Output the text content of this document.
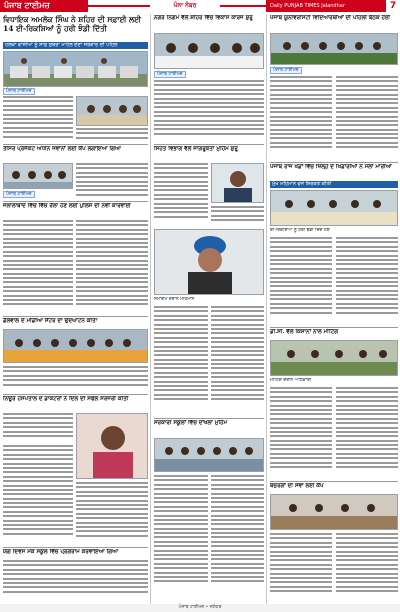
ਪੰਜਾਬ ਟਾਈਮਜ਼	ਪੰਨਾ ਨੰਬਰ	Daily PUNJAB TIMES Jalandhar	7
ਵਿਧਾਇਕ ਅਮਲੋਕ ਸਿੰਘ ਨੇ ਸ਼ਹਿਰ ਦੀ ਸਫ਼ਾਈ ਲਈ 14 ਈ-ਰਿਕਸ਼ਿਆਂ ਨੂੰ ਹਰੀ ਝੰਡੀ ਦਿੱਤੀ
ਹਲਕਾ ਵਾਸੀਆਂ ਨੂੰ ਸਾਫ਼ ਸੁਥਰਾ ਮਾਹੌਲ ਦੇਣਾ ਸਰਕਾਰ ਦੀ ਪਹਿਲ
ਪੰਜਾਬ ਟਾਈਮਜ਼
ਤੀਸਰੇ ਪ੍ਰੋਜੈਕਟ ਅਧੀਨ ਜਵਾਨਾਂ ਲਈ ਕੈਂਪ ਲਗਾਇਆ ਗਿਆ
ਪੰਜਾਬ ਟਾਈਮਜ਼
ਜਲਾਲਾਬਾਦ ਵਿੱਚ ਵਿੱਚ ਰੌਲਾ ਹੋਣ ਲਈ ਪੁਲਿਸ ਦੀ ਨਵੀਂ ਕਾਰਵਾਈ
ਡੱਲੋਵਾਲ ਦੇ ਮੀਡੀਆ ਸੈਂਟਰ ਦਾ ਉਦਘਾਟਨ ਕੀਤਾ
ਨਿਊਰੋ ਹਸਪਤਾਲ ਦੇ ਡਾਕਟਰਾਂ ਨੇ ਦਿਲ ਦੀ ਸਫਲ ਸਰਜਰੀ ਕੀਤੀ
ਯੋਗ ਦਿਵਸ ਮੌਕੇ ਸਕੂਲ ਵਿੱਚ ਪ੍ਰੋਗਰਾਮ ਕਰਵਾਇਆ ਗਿਆ
ਨਗਰ ਨਿਗਮ ਵੱਲੋਂ ਸ਼ਹਿਰ ਵਿੱਚ ਵਿਕਾਸ ਕਾਰਜ ਸ਼ੁਰੂ
ਪੰਜਾਬ ਟਾਈਮਜ਼
ਸਿਹਤ ਵਿਭਾਗ ਵੱਲੋਂ ਜਾਗਰੂਕਤਾ ਮੁਹਿੰਮ ਸ਼ੁਰੂ
ਸਮਾਗਮ ਦੌਰਾਨ ਮਹਿਮਾਨ
ਸਰਕਾਰੀ ਸਕੂਲਾਂ ਵਿੱਚ ਦਾਖਲਾ ਮੁਹਿੰਮ
ਪੰਜਾਬ ਯੂਨੀਵਰਸਿਟੀ ਵਿਦਿਆਰਥੀਆਂ ਦੀ ਪਹਿਲੀ ਬੈਠਕ ਹੋਈ
ਪੰਜਾਬ ਟਾਈਮਜ਼
ਪੰਜਾਬ ਰਾਜ ਖੇਡਾਂ ਵਿੱਚ ਜ਼ਿਲ੍ਹੇ ਦੇ ਖਿਡਾਰੀਆਂ ਨੇ ਮੱਲਾਂ ਮਾਰੀਆਂ
ਮੁੱਖ ਮਹਿਮਾਨ ਵਜੋਂ ਸ਼ਿਰਕਤ ਕੀਤੀ
ਈ-ਰਿਕਸ਼ਿਆਂ ਨੂੰ ਹਰੀ ਝੰਡੀ ਦਿੰਦੇ ਹੋਏ
ਡੀ.ਸੀ. ਵੱਲੋਂ ਕਿਸਾਨਾਂ ਨਾਲ ਮੀਟਿੰਗ
ਮੀਟਿੰਗ ਦੌਰਾਨ ਅਧਿਕਾਰੀ
ਬਜ਼ੁਰਗਾਂ ਦੀ ਸੇਵਾ ਲਈ ਕੈਂਪ
ਪੰਜਾਬ ਟਾਈਮਜ਼ • ਜਲੰਧਰ
